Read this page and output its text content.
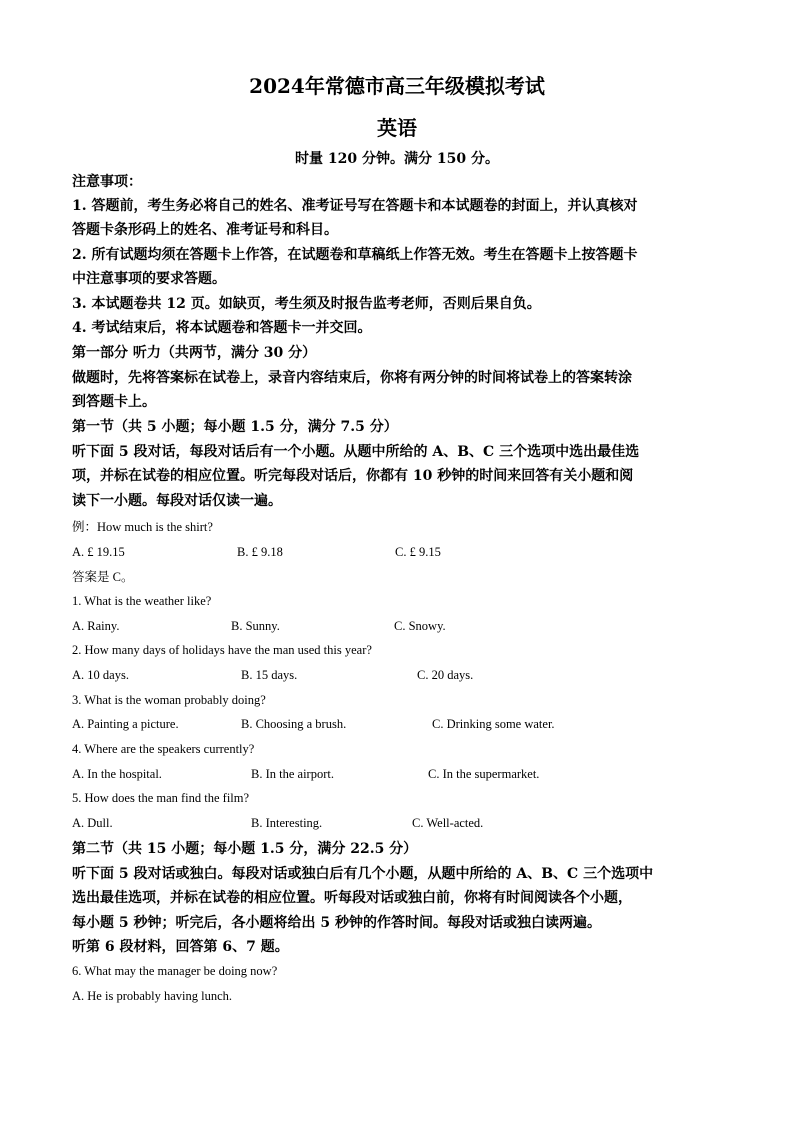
2024年常德市高三年级模拟考试
英语
时量 120 分钟。满分 150 分。
注意事项：
1. 答题前，考生务必将自己的姓名、准考证号写在答题卡和本试题卷的封面上，并认真核对
答题卡条形码上的姓名、准考证号和科目。
2. 所有试题均须在答题卡上作答，在试题卷和草稿纸上作答无效。考生在答题卡上按答题卡
中注意事项的要求答题。
3. 本试题卷共 12 页。如缺页，考生须及时报告监考老师，否则后果自负。
4. 考试结束后，将本试题卷和答题卡一并交回。
第一部分 听力（共两节，满分 30 分）
做题时，先将答案标在试卷上，录音内容结束后，你将有两分钟的时间将试卷上的答案转涂
到答题卡上。
第一节（共 5 小题；每小题 1.5 分，满分 7.5 分）
听下面 5 段对话，每段对话后有一个小题。从题中所给的 A、B、C 三个选项中选出最佳选
项，并标在试卷的相应位置。听完每段对话后，你都有 10 秒钟的时间来回答有关小题和阅
读下一小题。每段对话仅读一遍。
例：How much is the shirt?
A. £ 19.15	B. £ 9.18	C. £ 9.15
答案是 C。
1. What is the weather like?
A. Rainy.	B. Sunny.	C. Snowy.
2. How many days of holidays have the man used this year?
A. 10 days.	B. 15 days.	C. 20 days.
3. What is the woman probably doing?
A. Painting a picture.	B. Choosing a brush.	C. Drinking some water.
4. Where are the speakers currently?
A. In the hospital.	B. In the airport.	C. In the supermarket.
5. How does the man find the film?
A. Dull.	B. Interesting.	C. Well-acted.
第二节（共 15 小题；每小题 1.5 分，满分 22.5 分）
听下面 5 段对话或独白。每段对话或独白后有几个小题，从题中所给的 A、B、C 三个选项中
选出最佳选项，并标在试卷的相应位置。听每段对话或独白前，你将有时间阅读各个小题，
每小题 5 秒钟；听完后，各小题将给出 5 秒钟的作答时间。每段对话或独白读两遍。
听第 6 段材料，回答第 6、7 题。
6. What may the manager be doing now?
A. He is probably having lunch.
